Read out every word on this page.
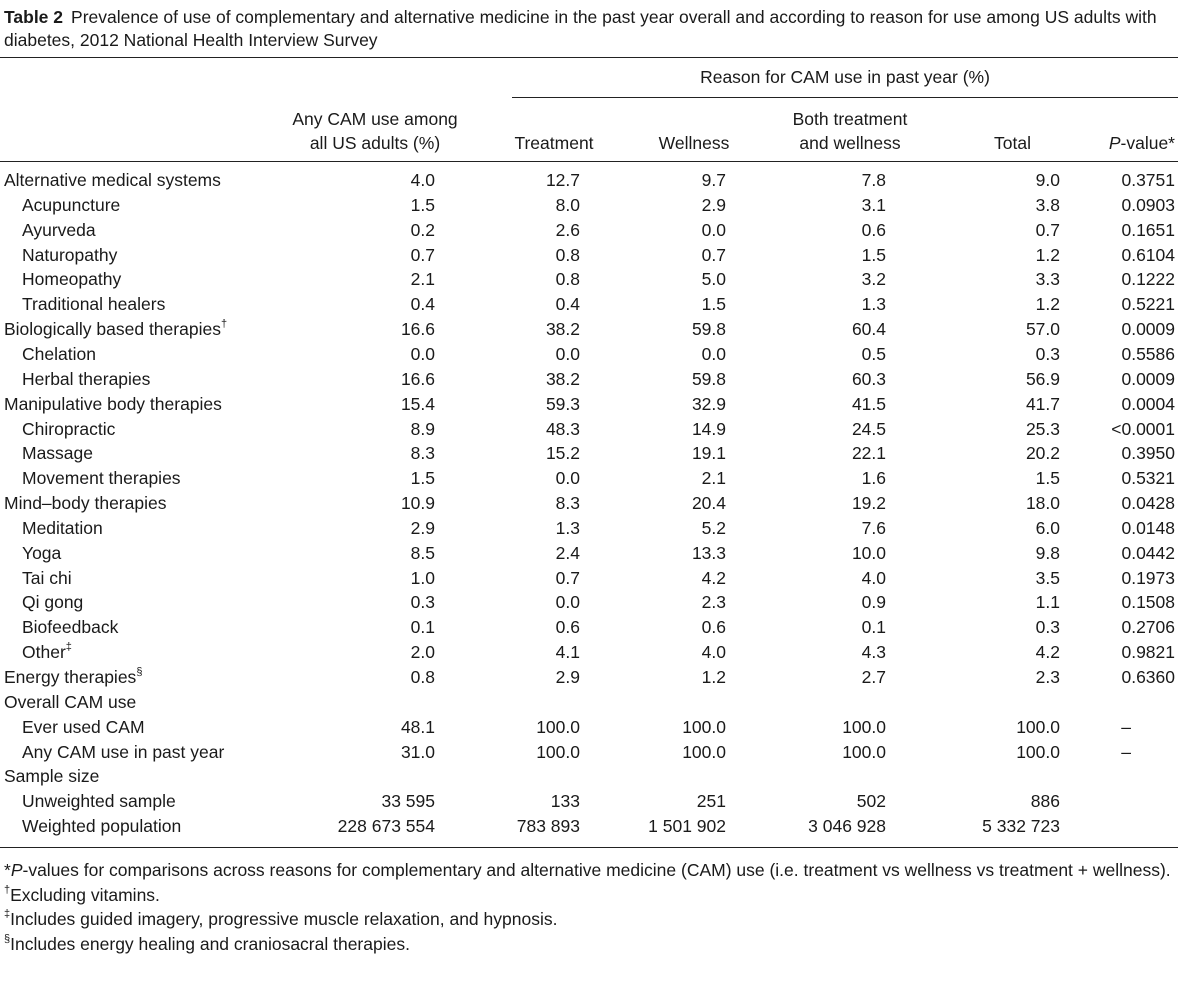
Table 2 Prevalence of use of complementary and alternative medicine in the past year overall and according to reason for use among US adults with diabetes, 2012 National Health Interview Survey
Reason for CAM use in past year (%)
Any CAM use among
all US adults (%)	Treatment	Wellness
Both treatment
and wellness	Total	P-value*
Alternative medical systems	4.0	12.7	9.7	7.8	9.0	0.3751
Acupuncture	1.5	8.0	2.9	3.1	3.8	0.0903
Ayurveda	0.2	2.6	0.0	0.6	0.7	0.1651
Naturopathy	0.7	0.8	0.7	1.5	1.2	0.6104
Homeopathy	2.1	0.8	5.0	3.2	3.3	0.1222
Traditional healers	0.4	0.4	1.5	1.3	1.2	0.5221
Biologically based therapies†	16.6	38.2	59.8	60.4	57.0	0.0009
Chelation	0.0	0.0	0.0	0.5	0.3	0.5586
Herbal therapies	16.6	38.2	59.8	60.3	56.9	0.0009
Manipulative body therapies	15.4	59.3	32.9	41.5	41.7	0.0004
Chiropractic	8.9	48.3	14.9	24.5	25.3	<0.0001
Massage	8.3	15.2	19.1	22.1	20.2	0.3950
Movement therapies	1.5	0.0	2.1	1.6	1.5	0.5321
Mind–body therapies	10.9	8.3	20.4	19.2	18.0	0.0428
Meditation	2.9	1.3	5.2	7.6	6.0	0.0148
Yoga	8.5	2.4	13.3	10.0	9.8	0.0442
Tai chi	1.0	0.7	4.2	4.0	3.5	0.1973
Qi gong	0.3	0.0	2.3	0.9	1.1	0.1508
Biofeedback	0.1	0.6	0.6	0.1	0.3	0.2706
Other‡	2.0	4.1	4.0	4.3	4.2	0.9821
Energy therapies§	0.8	2.9	1.2	2.7	2.3	0.6360
Overall CAM use
Ever used CAM	48.1	100.0	100.0	100.0	100.0	–
Any CAM use in past year	31.0	100.0	100.0	100.0	100.0	–
Sample size
Unweighted sample	33 595	133	251	502	886
Weighted population	228 673 554	783 893	1 501 902	3 046 928	5 332 723
*P-values for comparisons across reasons for complementary and alternative medicine (CAM) use (i.e. treatment vs wellness vs treatment + wellness).
†Excluding vitamins.
‡Includes guided imagery, progressive muscle relaxation, and hypnosis.
§Includes energy healing and craniosacral therapies.
